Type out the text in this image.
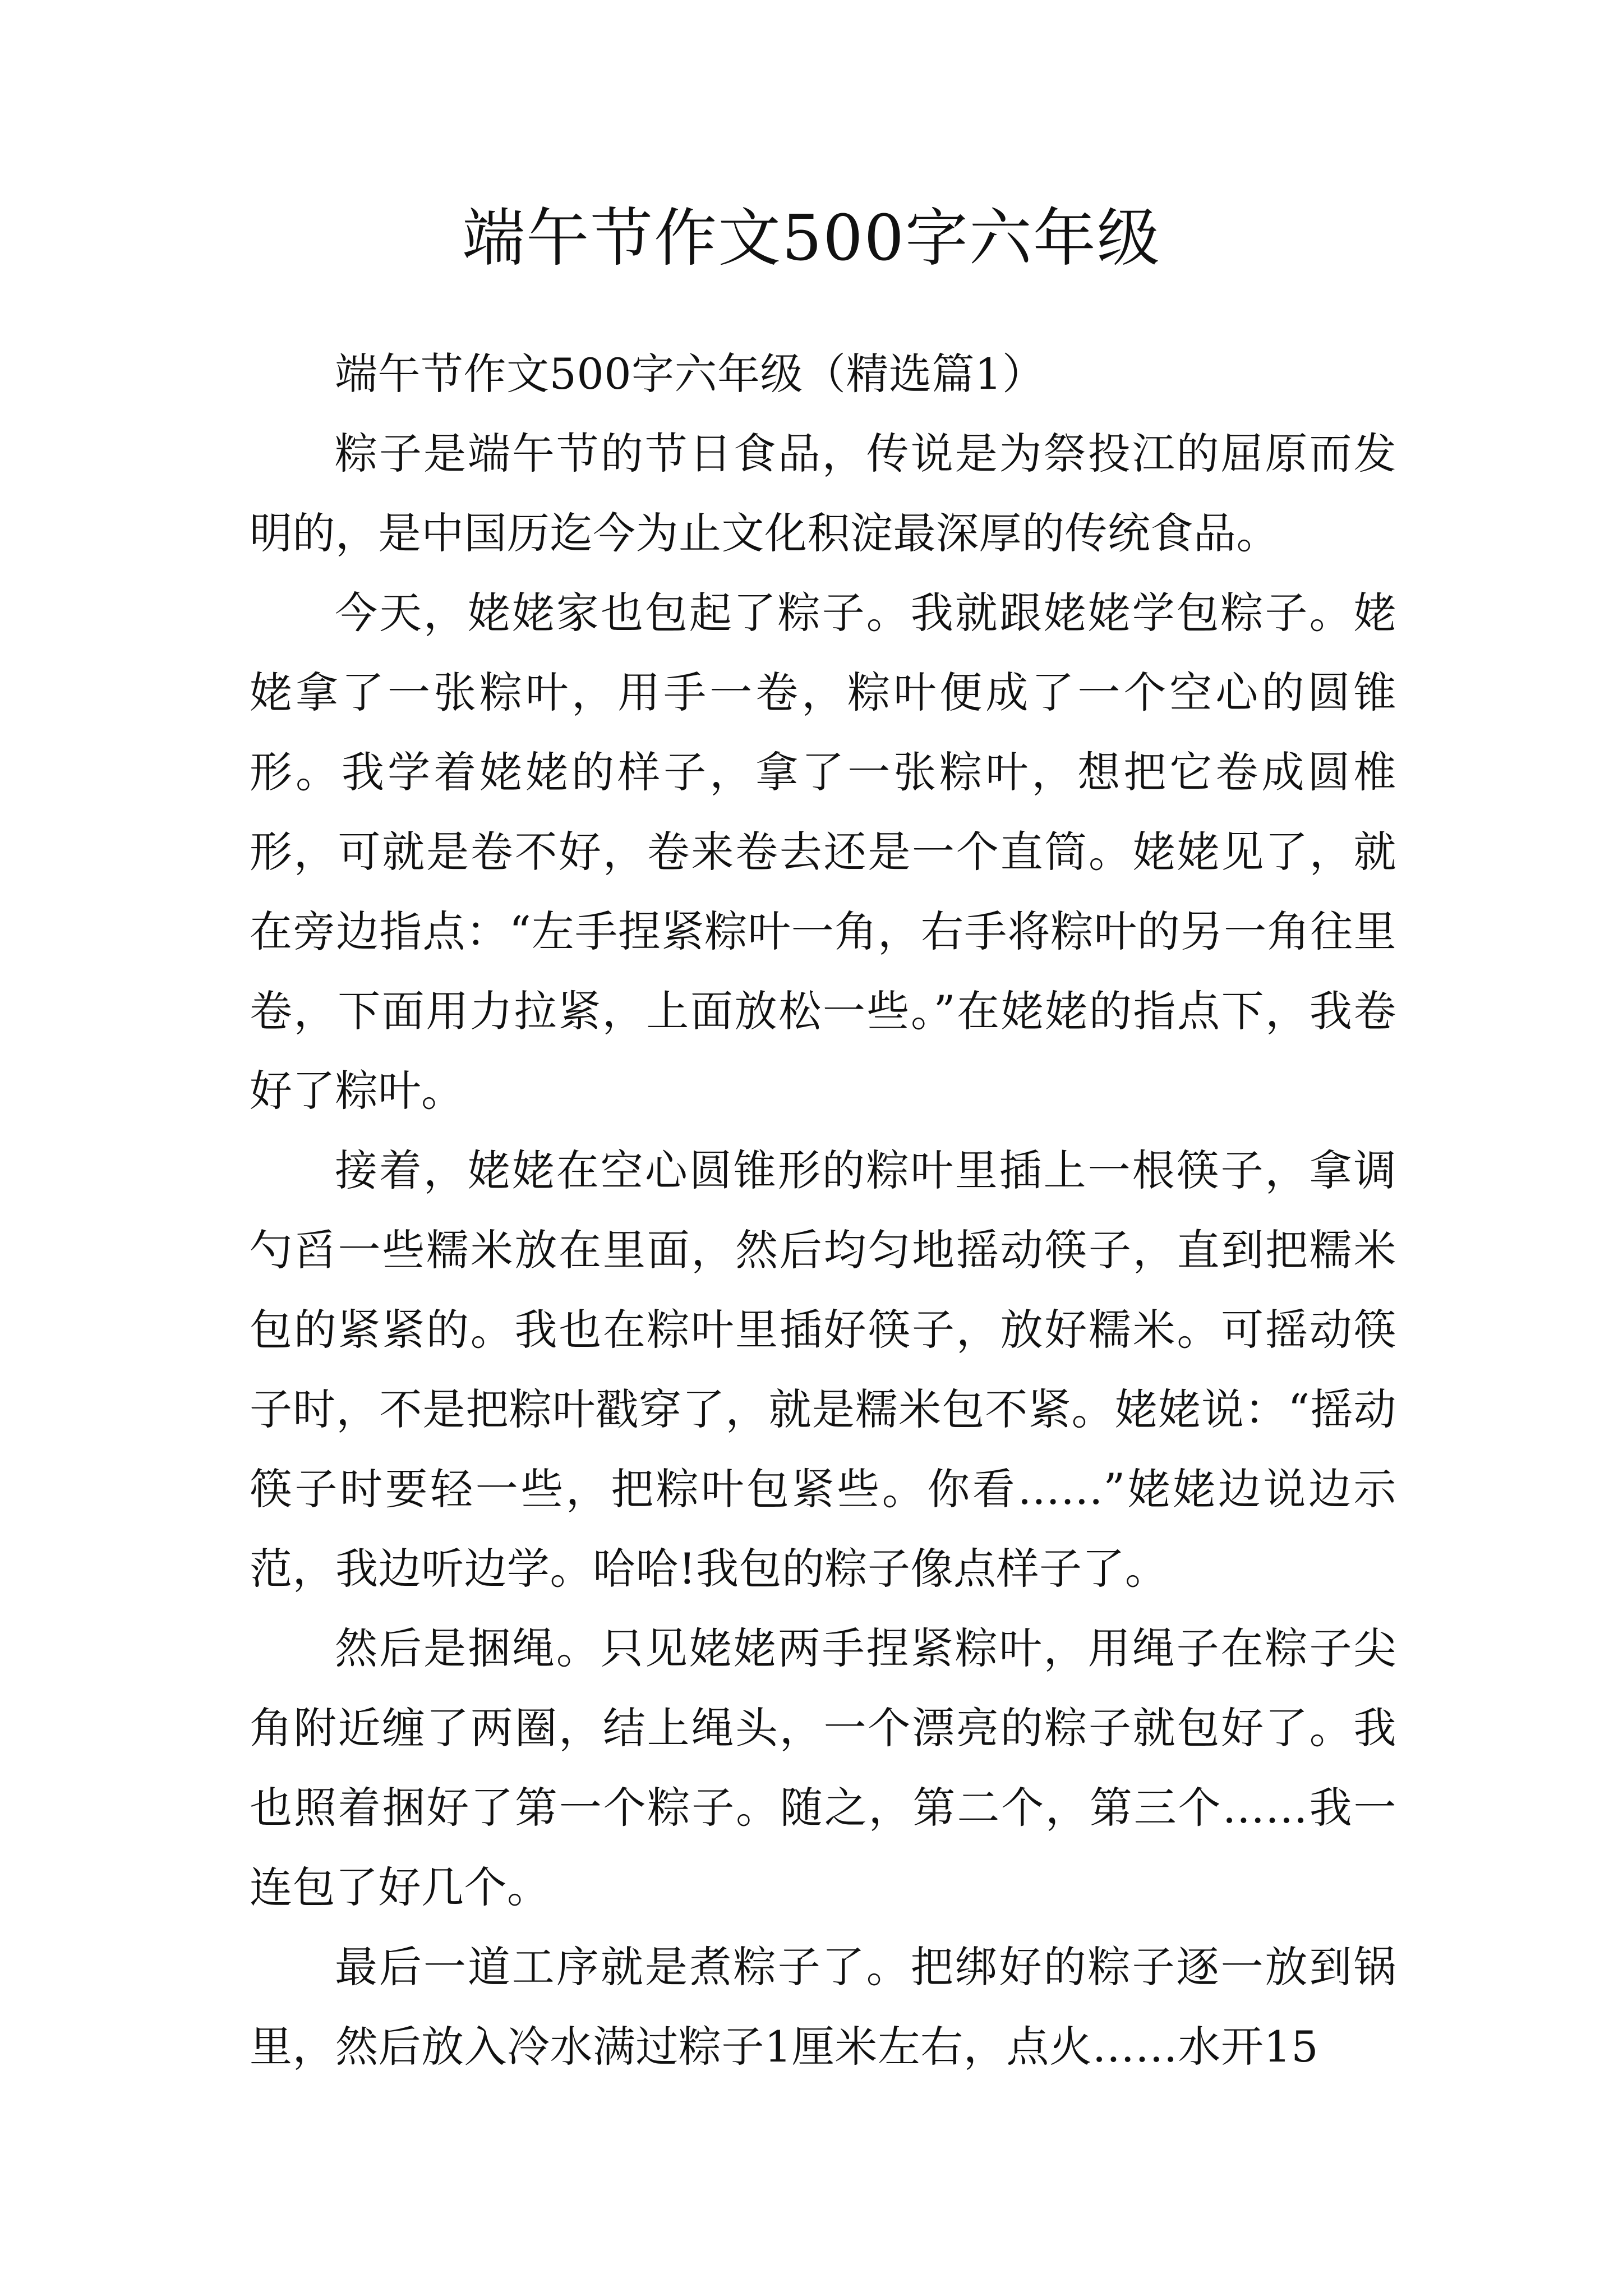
端午节作文500字六年级

端午节作文500字六年级（精选篇1）

粽子是端午节的节日食品，传说是为祭投江的屈原而发明的，是中国历迄今为止文化积淀最深厚的传统食品。

今天，姥姥家也包起了粽子。我就跟姥姥学包粽子。姥姥拿了一张粽叶，用手一卷，粽叶便成了一个空心的圆锥形。我学着姥姥的样子，拿了一张粽叶，想把它卷成圆椎形，可就是卷不好，卷来卷去还是一个直筒。姥姥见了，就在旁边指点：“左手捏紧粽叶一角，右手将粽叶的另一角往里卷，下面用力拉紧，上面放松一些。”在姥姥的指点下，我卷好了粽叶。

接着，姥姥在空心圆锥形的粽叶里插上一根筷子，拿调勺舀一些糯米放在里面，然后均匀地摇动筷子，直到把糯米包的紧紧的。我也在粽叶里插好筷子，放好糯米。可摇动筷子时，不是把粽叶戳穿了，就是糯米包不紧。姥姥说：“摇动筷子时要轻一些，把粽叶包紧些。你看……”姥姥边说边示范，我边听边学。哈哈!我包的粽子像点样子了。

然后是捆绳。只见姥姥两手捏紧粽叶，用绳子在粽子尖角附近缠了两圈，结上绳头，一个漂亮的粽子就包好了。我也照着捆好了第一个粽子。随之，第二个，第三个……我一连包了好几个。

最后一道工序就是煮粽子了。把绑好的粽子逐一放到锅里，然后放入冷水满过粽子1厘米左右，点火……水开15
